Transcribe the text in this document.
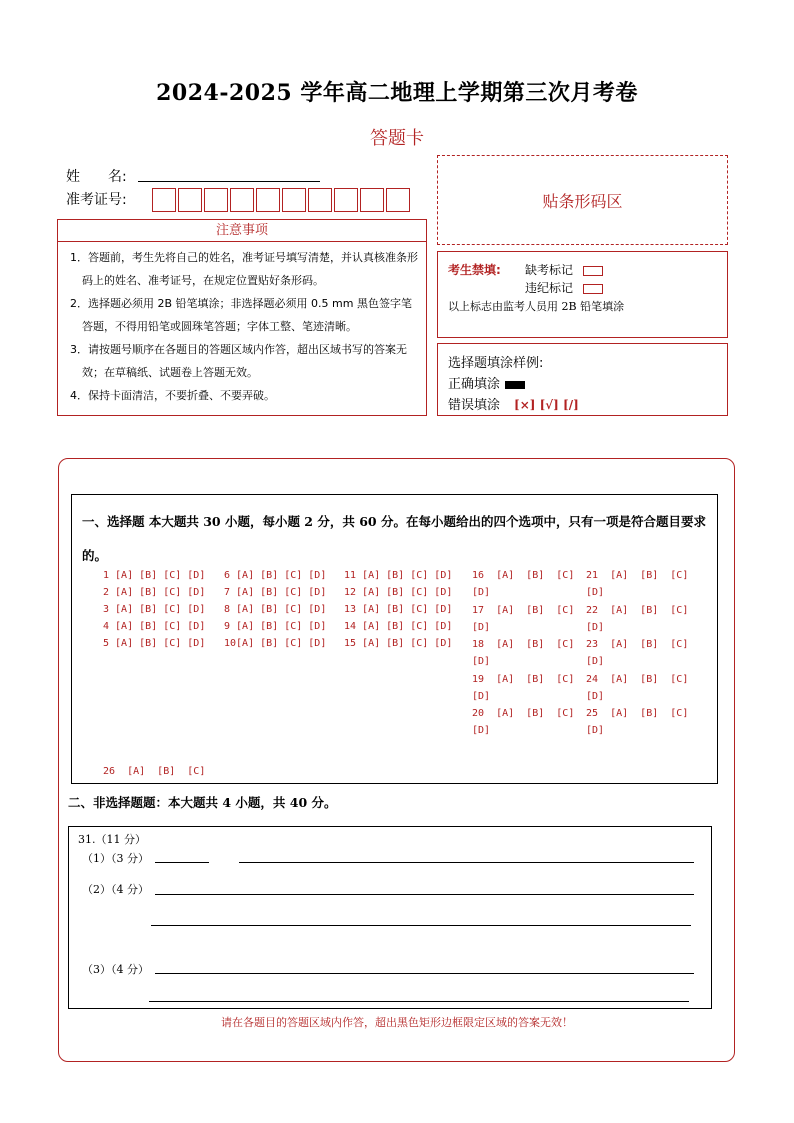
2024-2025 学年高二地理上学期第三次月考卷
答题卡
姓　　名:
准考证号:	贴条形码区
注意事项
1．答题前，考生先将自己的姓名，准考证号填写清楚，并认真核准条形码上的姓名、准考证号，在规定位置贴好条形码。
2．选择题必须用 2B 铅笔填涂；非选择题必须用 0.5 mm 黑色签字笔答题，不得用铅笔或圆珠笔答题；字体工整、笔迹清晰。
3．请按题号顺序在各题目的答题区域内作答，超出区域书写的答案无效；在草稿纸、试题卷上答题无效。
4．保持卡面清洁，不要折叠、不要弄破。
考生禁填: 缺考标记
违纪标记
以上标志由监考人员用 2B 铅笔填涂
选择题填涂样例:
正确填涂
错误填涂 [×] [√] [/]
一、选择题 本大题共 30 小题，每小题 2 分，共 60 分。在每小题给出的四个选项中，只有一项是符合题目要求的。
1 [A] [B] [C] [D]
2 [A] [B] [C] [D]
3 [A] [B] [C] [D]
4 [A] [B] [C] [D]
5 [A] [B] [C] [D]
6 [A] [B] [C] [D]
7 [A] [B] [C] [D]
8 [A] [B] [C] [D]
9 [A] [B] [C] [D]
10[A] [B] [C] [D]
11 [A] [B] [C] [D]
12 [A] [B] [C] [D]
13 [A] [B] [C] [D]
14 [A] [B] [C] [D]
15 [A] [B] [C] [D]
16  [A]  [B]  [C]
[D]
17  [A]  [B]  [C]
[D]
18  [A]  [B]  [C]
[D]
19  [A]  [B]  [C]
[D]
20  [A]  [B]  [C]
[D]
21  [A]  [B]  [C]
[D]
22  [A]  [B]  [C]
[D]
23  [A]  [B]  [C]
[D]
24  [A]  [B]  [C]
[D]
25  [A]  [B]  [C]
[D]
26  [A]  [B]  [C]
二、非选择题题：本大题共 4 小题，共 40 分。
31.（11 分）
（1）（3 分）
（2）（4 分）
（3）（4 分）
请在各题目的答题区域内作答，超出黑色矩形边框限定区域的答案无效！
